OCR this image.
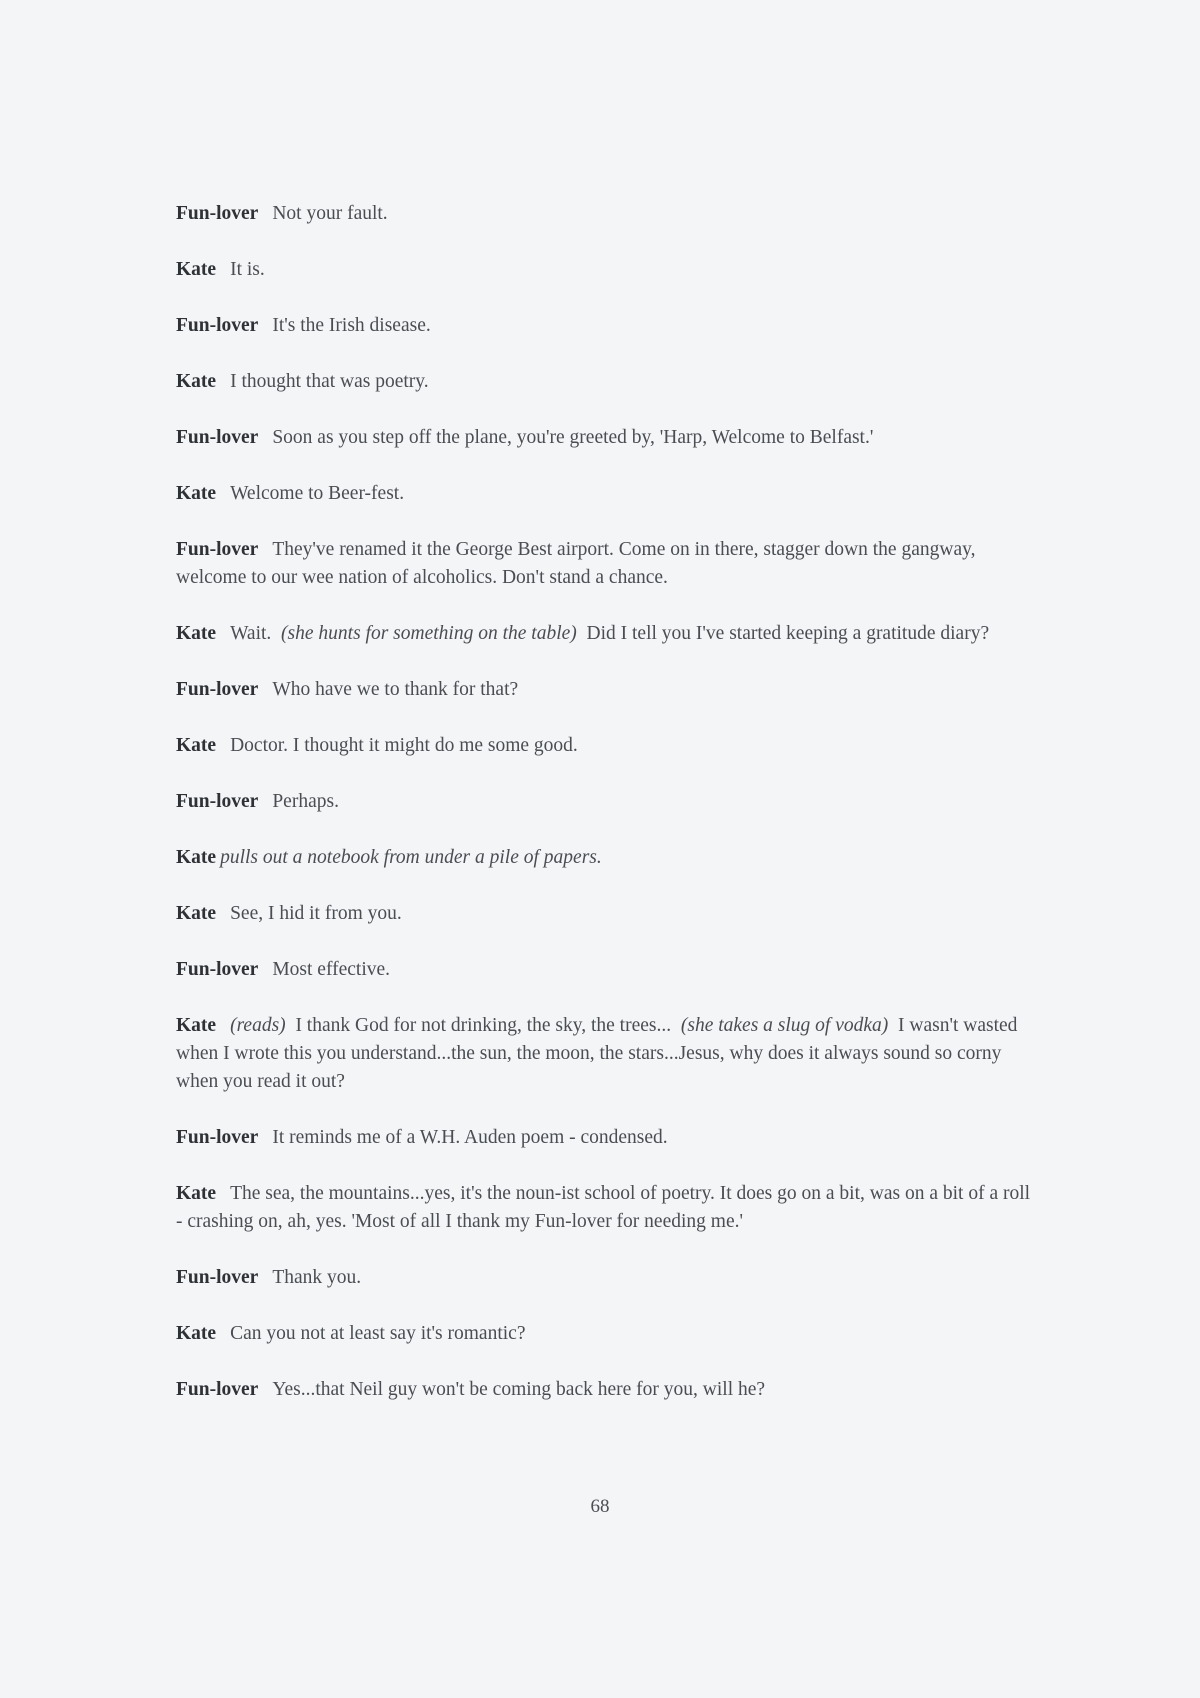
Fun-lover Not your fault.

Kate It is.

Fun-lover It's the Irish disease.

Kate I thought that was poetry.

Fun-lover Soon as you step off the plane, you're greeted by, 'Harp, Welcome to Belfast.'

Kate Welcome to Beer-fest.

Fun-lover They've renamed it the George Best airport. Come on in there, stagger down the gangway, welcome to our wee nation of alcoholics. Don't stand a chance.

Kate Wait. (she hunts for something on the table) Did I tell you I've started keeping a gratitude diary?

Fun-lover Who have we to thank for that?

Kate Doctor. I thought it might do me some good.

Fun-lover Perhaps.

Kate pulls out a notebook from under a pile of papers.

Kate See, I hid it from you.

Fun-lover Most effective.

Kate (reads) I thank God for not drinking, the sky, the trees... (she takes a slug of vodka) I wasn't wasted when I wrote this you understand...the sun, the moon, the stars...Jesus, why does it always sound so corny when you read it out?

Fun-lover It reminds me of a W.H. Auden poem - condensed.

Kate The sea, the mountains...yes, it's the noun-ist school of poetry. It does go on a bit, was on a bit of a roll - crashing on, ah, yes. 'Most of all I thank my Fun-lover for needing me.'

Fun-lover Thank you.

Kate Can you not at least say it's romantic?

Fun-lover Yes...that Neil guy won't be coming back here for you, will he?

68
